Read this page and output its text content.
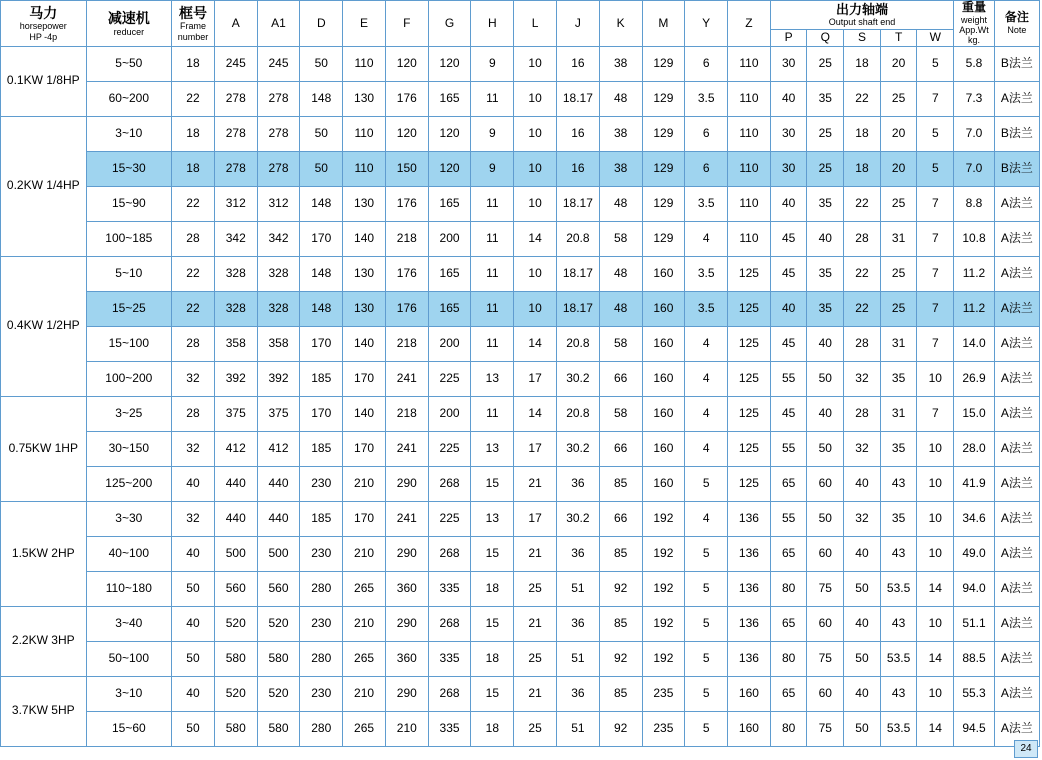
马力
horsepower
HP -4p	减速机
reducer	框号
Frame
number	A	A1	D	E	F	G	H	L	J	K	M	Y	Z	出力轴端
Output shaft end					重量
weight
App.Wt
kg.	备注
Note

																P	Q	S	T	W		
0.1KW 1/8HP	5~50	18	245	245	50	110	120	120	9	10	16	38	129	6	110	30	25	18	20	5	5.8	B法兰
	60~200	22	278	278	148	130	176	165	11	10	18.17	48	129	3.5	110	40	35	22	25	7	7.3	A法兰
0.2KW 1/4HP	3~10	18	278	278	50	110	120	120	9	10	16	38	129	6	110	30	25	18	20	5	7.0	B法兰
	15~30	18	278	278	50	110	150	120	9	10	16	38	129	6	110	30	25	18	20	5	7.0	B法兰
	15~90	22	312	312	148	130	176	165	11	10	18.17	48	129	3.5	110	40	35	22	25	7	8.8	A法兰
	100~185	28	342	342	170	140	218	200	11	14	20.8	58	129	4	110	45	40	28	31	7	10.8	A法兰
0.4KW 1/2HP	5~10	22	328	328	148	130	176	165	11	10	18.17	48	160	3.5	125	45	35	22	25	7	11.2	A法兰
	15~25	22	328	328	148	130	176	165	11	10	18.17	48	160	3.5	125	40	35	22	25	7	11.2	A法兰
	15~100	28	358	358	170	140	218	200	11	14	20.8	58	160	4	125	45	40	28	31	7	14.0	A法兰
	100~200	32	392	392	185	170	241	225	13	17	30.2	66	160	4	125	55	50	32	35	10	26.9	A法兰
0.75KW 1HP	3~25	28	375	375	170	140	218	200	11	14	20.8	58	160	4	125	45	40	28	31	7	15.0	A法兰
	30~150	32	412	412	185	170	241	225	13	17	30.2	66	160	4	125	55	50	32	35	10	28.0	A法兰
	125~200	40	440	440	230	210	290	268	15	21	36	85	160	5	125	65	60	40	43	10	41.9	A法兰
1.5KW 2HP	3~30	32	440	440	185	170	241	225	13	17	30.2	66	192	4	136	55	50	32	35	10	34.6	A法兰
	40~100	40	500	500	230	210	290	268	15	21	36	85	192	5	136	65	60	40	43	10	49.0	A法兰
	110~180	50	560	560	280	265	360	335	18	25	51	92	192	5	136	80	75	50	53.5	14	94.0	A法兰
2.2KW 3HP	3~40	40	520	520	230	210	290	268	15	21	36	85	192	5	136	65	60	40	43	10	51.1	A法兰
	50~100	50	580	580	280	265	360	335	18	25	51	92	192	5	136	80	75	50	53.5	14	88.5	A法兰
3.7KW 5HP	3~10	40	520	520	230	210	290	268	15	21	36	85	235	5	160	65	60	40	43	10	55.3	A法兰
	15~60	50	580	580	280	265	210	335	18	25	51	92	235	5	160	80	75	50	53.5	14	94.5	A法兰
24
